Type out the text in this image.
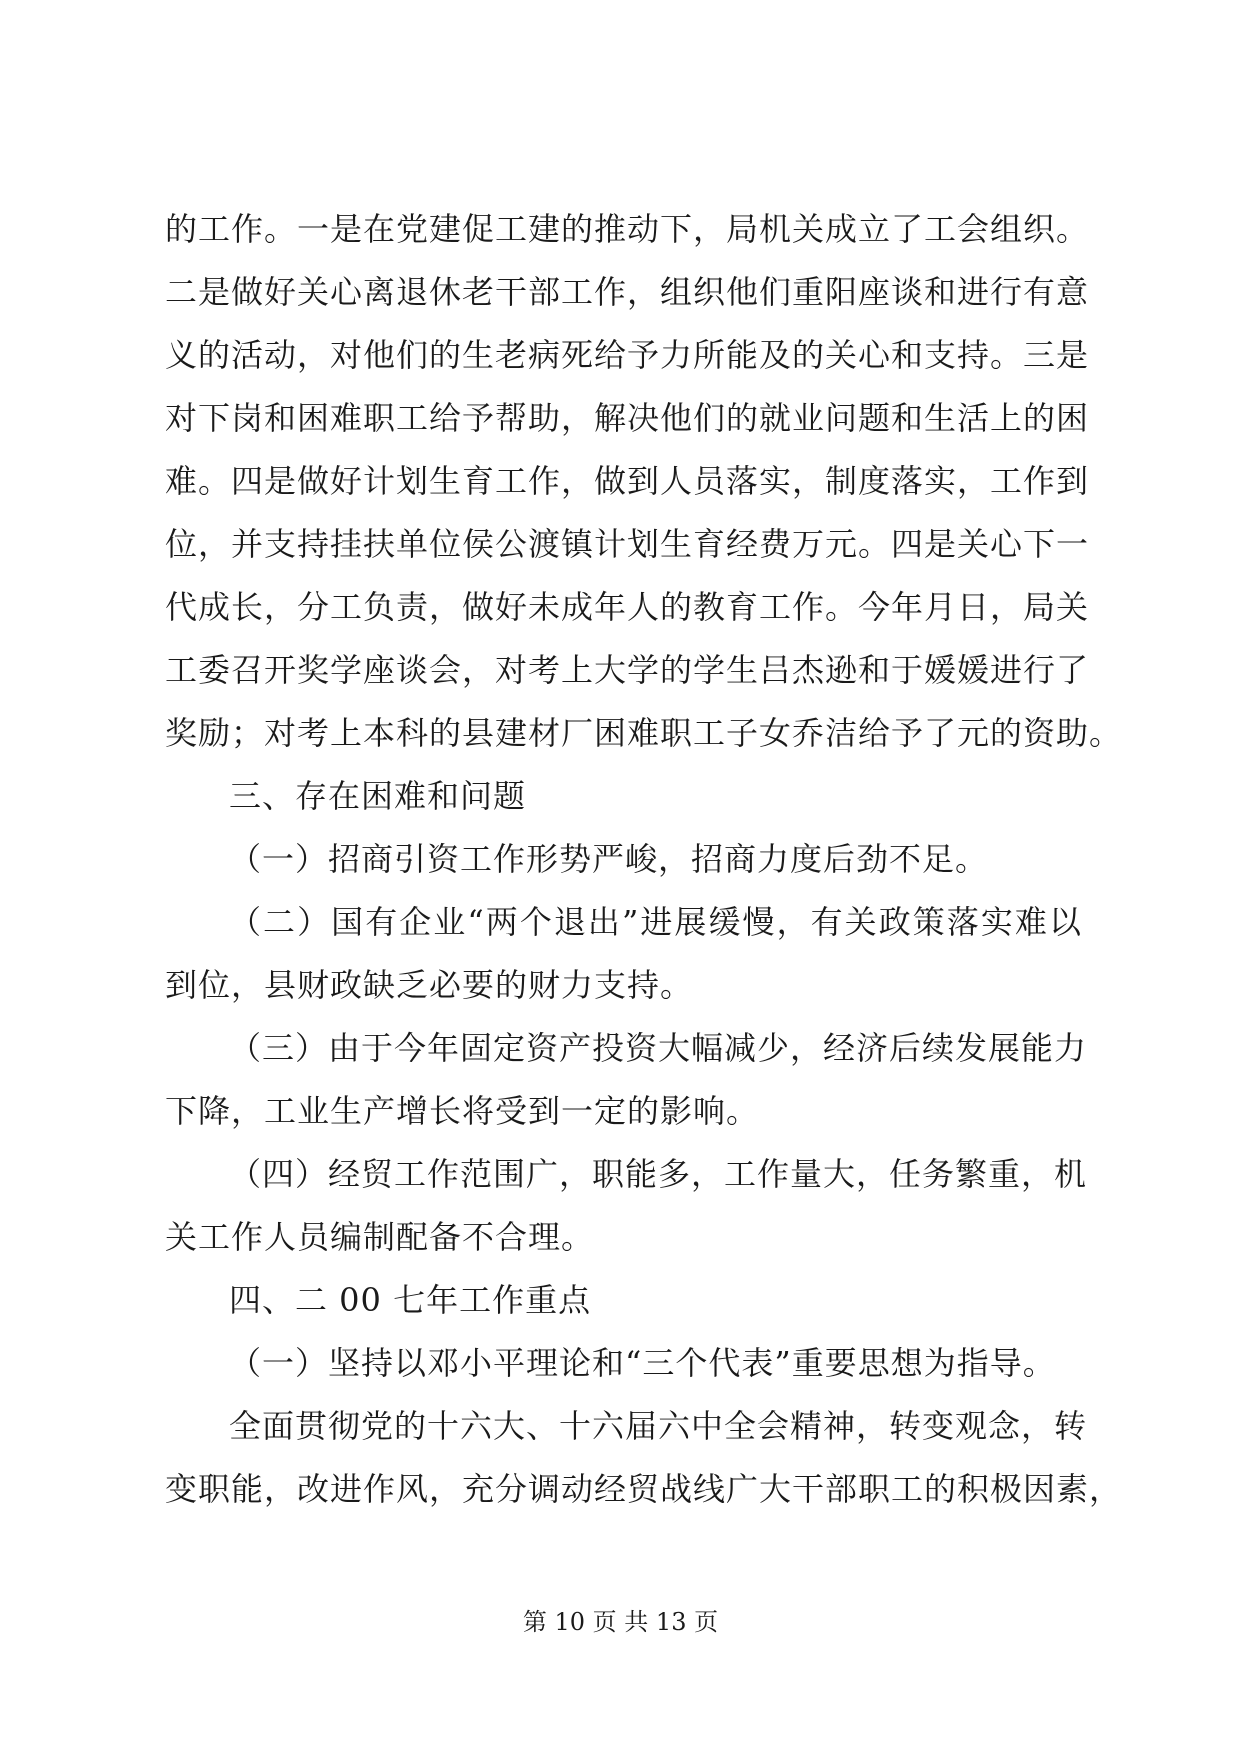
的工作。一是在党建促工建的推动下，局机关成立了工会组织。
二是做好关心离退休老干部工作，组织他们重阳座谈和进行有意
义的活动，对他们的生老病死给予力所能及的关心和支持。三是
对下岗和困难职工给予帮助，解决他们的就业问题和生活上的困
难。四是做好计划生育工作，做到人员落实，制度落实，工作到
位，并支持挂扶单位侯公渡镇计划生育经费万元。四是关心下一
代成长，分工负责，做好未成年人的教育工作。今年月日，局关
工委召开奖学座谈会，对考上大学的学生吕杰逊和于媛媛进行了
奖励；对考上本科的县建材厂困难职工子女乔洁给予了元的资助。
三、存在困难和问题
（一）招商引资工作形势严峻，招商力度后劲不足。
（二）国有企业“两个退出”进展缓慢，有关政策落实难以
到位，县财政缺乏必要的财力支持。
（三）由于今年固定资产投资大幅减少，经济后续发展能力
下降，工业生产增长将受到一定的影响。
（四）经贸工作范围广，职能多，工作量大，任务繁重，机
关工作人员编制配备不合理。
四、二 00 七年工作重点
（一）坚持以邓小平理论和“三个代表”重要思想为指导。
全面贯彻党的十六大、十六届六中全会精神，转变观念，转
变职能，改进作风，充分调动经贸战线广大干部职工的积极因素，
第 10 页 共 13 页
